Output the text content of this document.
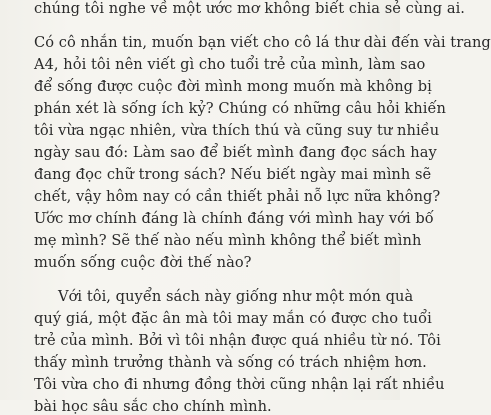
chúng tôi nghe về một ước mơ không biết chia sẻ cùng ai.
Có cô nhắn tin, muốn bạn viết cho cô lá thư dài đến vài trang
A4, hỏi tôi nên viết gì cho tuổi trẻ của mình, làm sao
để sống được cuộc đời mình mong muốn mà không bị
phán xét là sống ích kỷ? Chúng có những câu hỏi khiến
tôi vừa ngạc nhiên, vừa thích thú và cũng suy tư nhiều
ngày sau đó: Làm sao để biết mình đang đọc sách hay
đang đọc chữ trong sách? Nếu biết ngày mai mình sẽ
chết, vậy hôm nay có cần thiết phải nỗ lực nữa không?
Ước mơ chính đáng là chính đáng với mình hay với bố
mẹ mình? Sẽ thế nào nếu mình không thể biết mình
muốn sống cuộc đời thế nào?
Với tôi, quyển sách này giống như một món quà
quý giá, một đặc ân mà tôi may mắn có được cho tuổi
trẻ của mình. Bởi vì tôi nhận được quá nhiều từ nó. Tôi
thấy mình trưởng thành và sống có trách nhiệm hơn.
Tôi vừa cho đi nhưng đồng thời cũng nhận lại rất nhiều
bài học sâu sắc cho chính mình.
